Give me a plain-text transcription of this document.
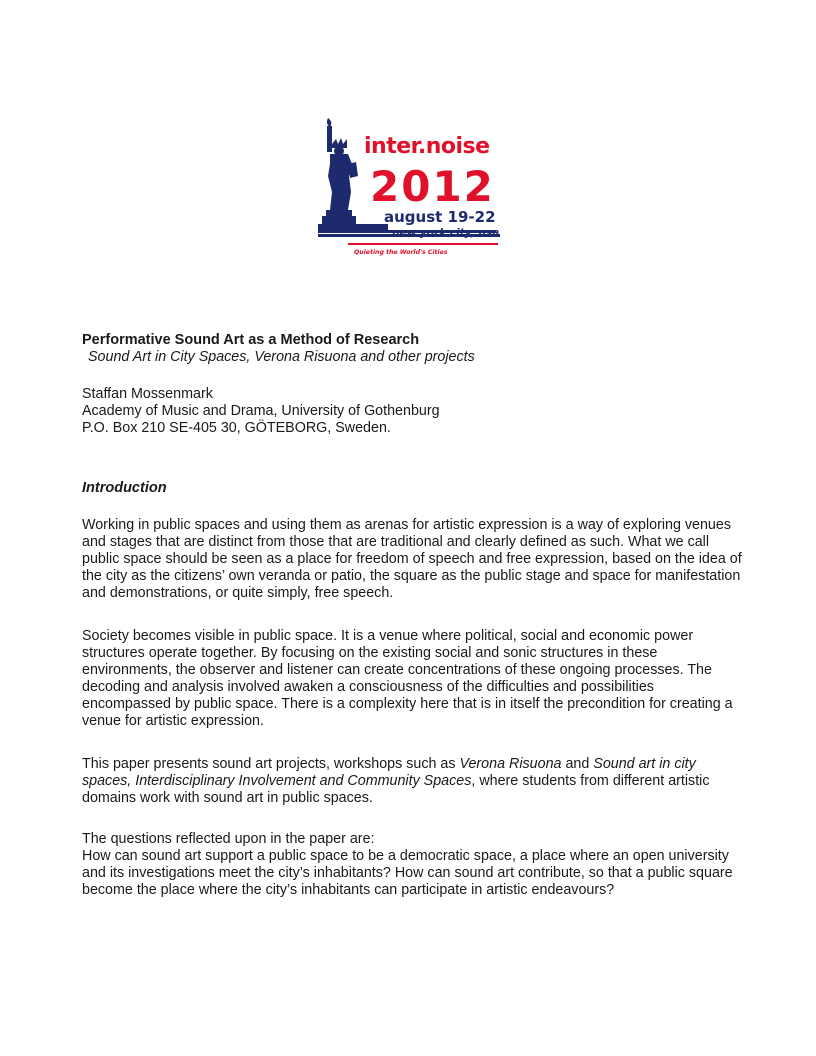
inter.noise
2012
august 19-22
new york city, usa
Quieting the World's Cities
Performative Sound Art as a Method of Research
Sound Art in City Spaces, Verona Risuona and other projects
Staffan Mossenmark
Academy of Music and Drama, University of Gothenburg
P.O. Box 210 SE-405 30, GÖTEBORG, Sweden.
Introduction

Working in public spaces and using them as arenas for artistic expression is a way of exploring venues and stages that are distinct from those that are traditional and clearly defined as such. What we call public space should be seen as a place for freedom of speech and free expression, based on the idea of the city as the citizens’ own veranda or patio, the square as the public stage and space for manifestation and demonstrations, or quite simply, free speech.

Society becomes visible in public space. It is a venue where political, social and economic power structures operate together. By focusing on the existing social and sonic structures in these environments, the observer and listener can create concentrations of these ongoing processes. The decoding and analysis involved awaken a consciousness of the difficulties and possibilities encompassed by public space. There is a complexity here that is in itself the precondition for creating a venue for artistic expression.

This paper presents sound art projects, workshops such as Verona Risuona and Sound art in city spaces, Interdisciplinary Involvement and Community Spaces, where students from different artistic domains work with sound art in public spaces.

The questions reflected upon in the paper are:
How can sound art support a public space to be a democratic space, a place where an open university and its investigations meet the city’s inhabitants? How can sound art contribute, so that a public square become the place where the city’s inhabitants can participate in artistic endeavours?
